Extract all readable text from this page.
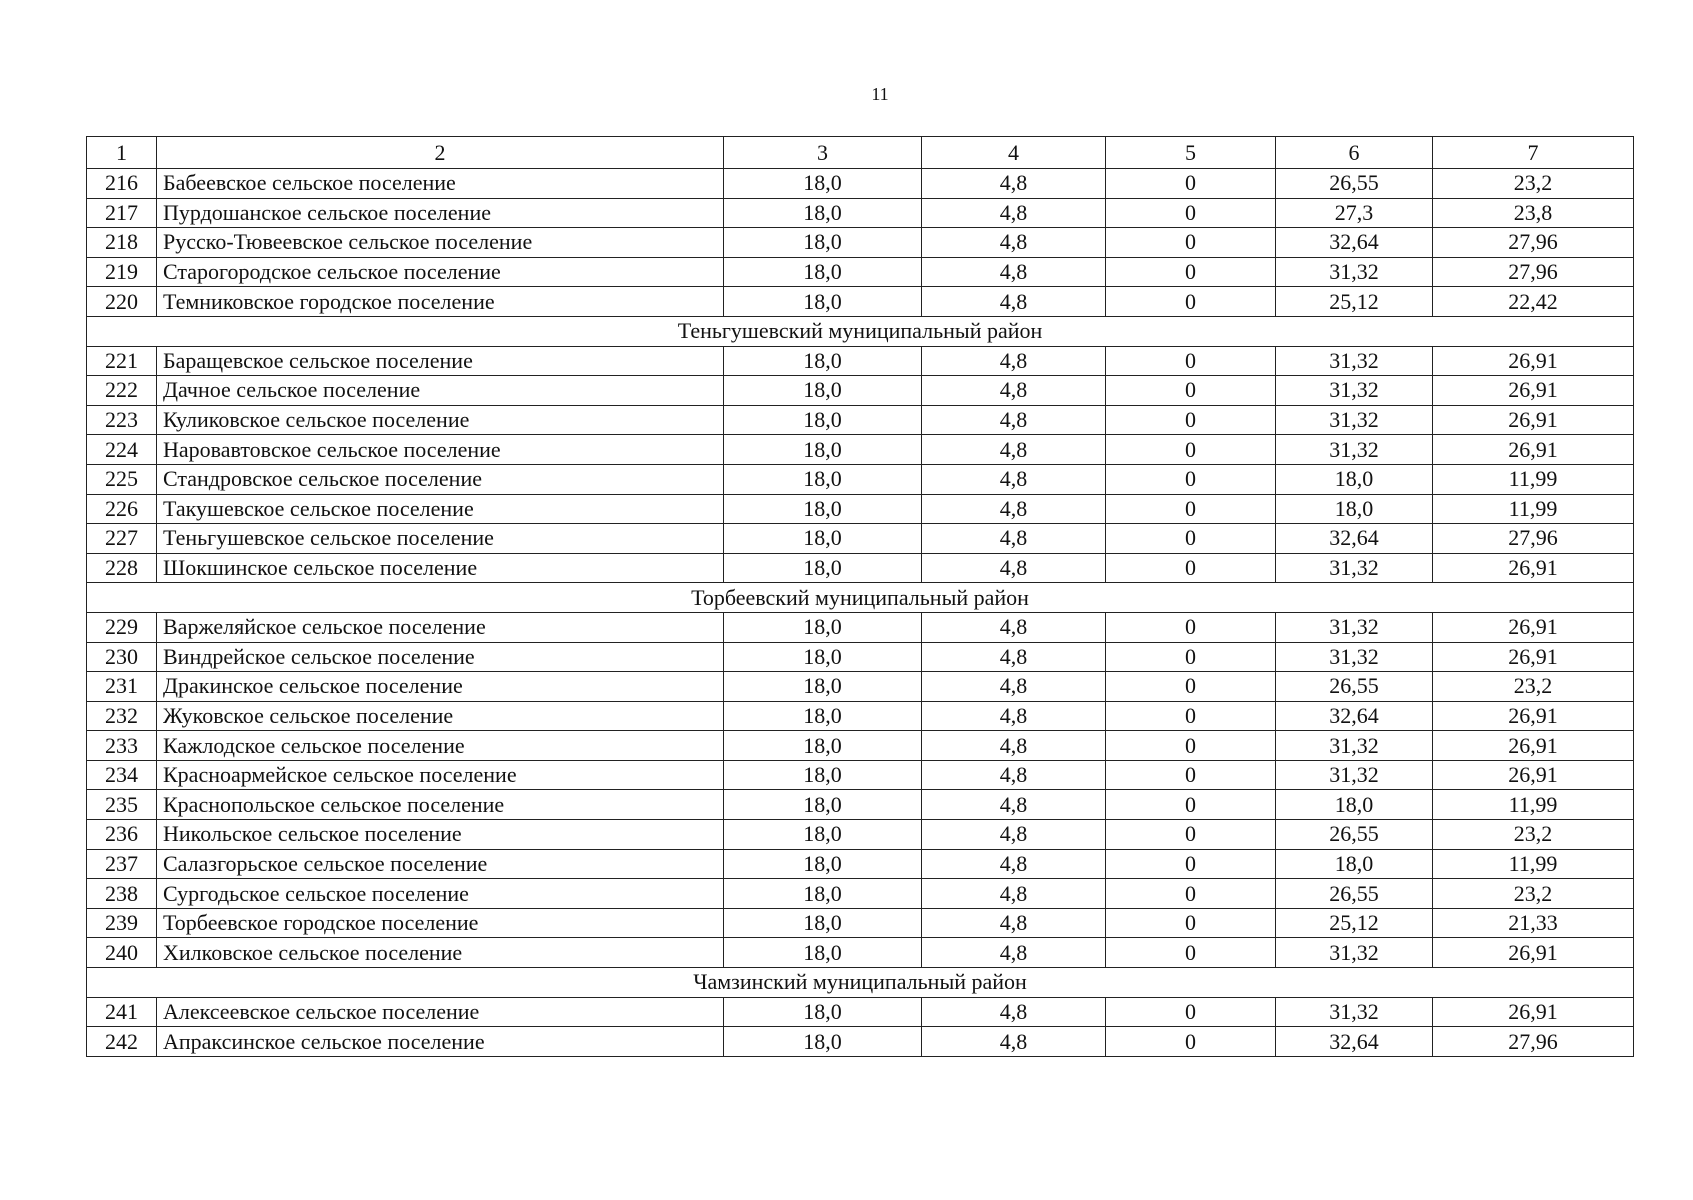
11
1	2	3	4	5	6	7
216	Бабеевское сельское поселение	18,0	4,8	0	26,55	23,2
217	Пурдошанское сельское поселение	18,0	4,8	0	27,3	23,8
218	Русско-Тювеевское сельское поселение	18,0	4,8	0	32,64	27,96
219	Старогородское сельское поселение	18,0	4,8	0	31,32	27,96
220	Темниковское городское поселение	18,0	4,8	0	25,12	22,42
Теньгушевский муниципальный район						
221	Баращевское сельское поселение	18,0	4,8	0	31,32	26,91
222	Дачное сельское поселение	18,0	4,8	0	31,32	26,91
223	Куликовское сельское поселение	18,0	4,8	0	31,32	26,91
224	Наровавтовское сельское поселение	18,0	4,8	0	31,32	26,91
225	Стандровское сельское поселение	18,0	4,8	0	18,0	11,99
226	Такушевское сельское поселение	18,0	4,8	0	18,0	11,99
227	Теньгушевское сельское поселение	18,0	4,8	0	32,64	27,96
228	Шокшинское сельское поселение	18,0	4,8	0	31,32	26,91
Торбеевский муниципальный район						
229	Варжеляйское сельское поселение	18,0	4,8	0	31,32	26,91
230	Виндрейское сельское поселение	18,0	4,8	0	31,32	26,91
231	Дракинское сельское поселение	18,0	4,8	0	26,55	23,2
232	Жуковское сельское поселение	18,0	4,8	0	32,64	26,91
233	Кажлодское сельское поселение	18,0	4,8	0	31,32	26,91
234	Красноармейское сельское поселение	18,0	4,8	0	31,32	26,91
235	Краснопольское сельское поселение	18,0	4,8	0	18,0	11,99
236	Никольское сельское поселение	18,0	4,8	0	26,55	23,2
237	Салазгорьское сельское поселение	18,0	4,8	0	18,0	11,99
238	Сургодьское сельское поселение	18,0	4,8	0	26,55	23,2
239	Торбеевское городское поселение	18,0	4,8	0	25,12	21,33
240	Хилковское сельское поселение	18,0	4,8	0	31,32	26,91
Чамзинский муниципальный район						
241	Алексеевское сельское поселение	18,0	4,8	0	31,32	26,91
242	Апраксинское сельское поселение	18,0	4,8	0	32,64	27,96
